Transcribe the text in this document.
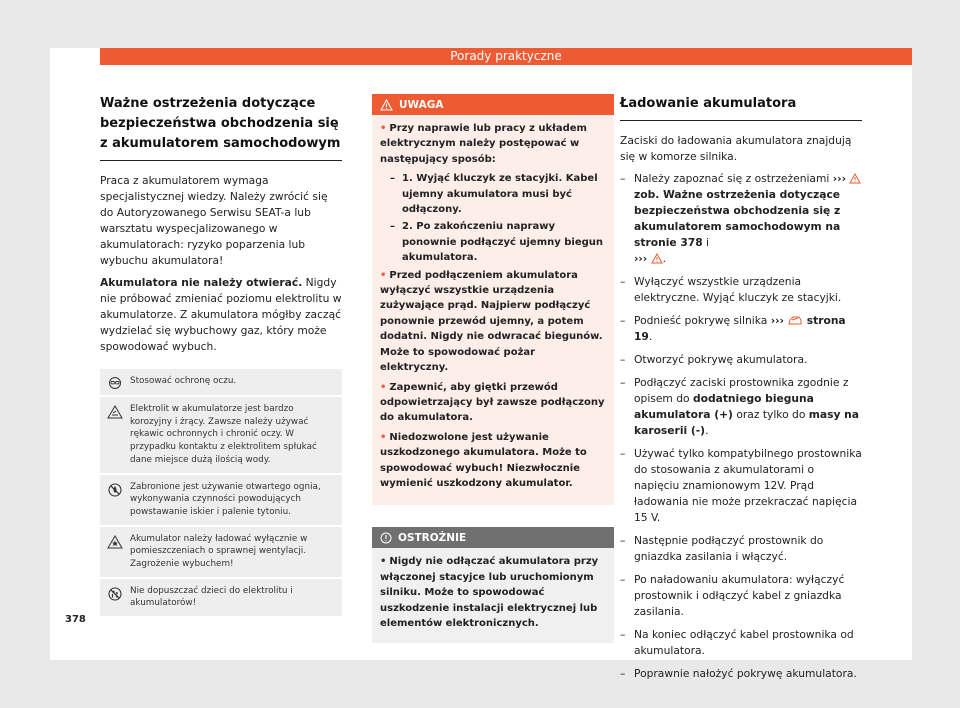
Porady praktyczne
Ważne ostrzeżenia dotyczące bezpieczeństwa obchodzenia się z akumulatorem samochodowym

Praca z akumulatorem wymaga specjalistycznej wiedzy. Należy zwrócić się do Autoryzowanego Serwisu SEAT-a lub warsztatu wyspecjalizowanego w akumulatorach: ryzyko poparzenia lub wybuchu akumulatora!

Akumulatora nie należy otwierać. Nigdy nie próbować zmieniać poziomu elektrolitu w akumulatorze. Z akumulatora mógłby zacząć wydzielać się wybuchowy gaz, który może spowodować wybuch.

Stosować ochronę oczu.
Elektrolit w akumulatorze jest bardzo korozyjny i żrący. Zawsze należy używać rękawic ochronnych i chronić oczy. W przypadku kontaktu z elektrolitem spłukać dane miejsce dużą ilością wody.
Zabronione jest używanie otwartego ognia, wykonywania czynności powodujących powstawanie iskier i palenie tytoniu.
Akumulator należy ładować wyłącznie w pomieszczeniach o sprawnej wentylacji. Zagrożenie wybuchem!
Nie dopuszczać dzieci do elektrolitu i akumulatorów!
UWAGA
• Przy naprawie lub pracy z układem elektrycznym należy postępować w następujący sposób:
– 1. Wyjąć kluczyk ze stacyjki. Kabel ujemny akumulatora musi być odłączony.
– 2. Po zakończeniu naprawy ponownie podłączyć ujemny biegun akumulatora.
• Przed podłączeniem akumulatora wyłączyć wszystkie urządzenia zużywające prąd. Najpierw podłączyć ponownie przewód ujemny, a potem dodatni. Nigdy nie odwracać biegunów. Może to spowodować pożar elektryczny.
• Zapewnić, aby giętki przewód odpowietrzający był zawsze podłączony do akumulatora.
• Niedozwolone jest używanie uszkodzonego akumulatora. Może to spowodować wybuch! Niezwłocznie wymienić uszkodzony akumulator.
OSTROŻNIE
• Nigdy nie odłączać akumulatora przy włączonej stacyjce lub uruchomionym silniku. Może to spowodować uszkodzenie instalacji elektrycznej lub elementów elektronicznych.
Ładowanie akumulatora

Zaciski do ładowania akumulatora znajdują się w komorze silnika.

– Należy zapoznać się z ostrzeżeniami ›››
zob. Ważne ostrzeżenia dotyczące bezpieczeństwa obchodzenia się z akumulatorem samochodowym na stronie 378 i
››› .
– Wyłączyć wszystkie urządzenia elektryczne. Wyjąć kluczyk ze stacyjki.
– Podnieść pokrywę silnika ››› strona 19.
– Otworzyć pokrywę akumulatora.
– Podłączyć zaciski prostownika zgodnie z opisem do dodatniego bieguna akumulatora (+) oraz tylko do masy na karoserii (-).
– Używać tylko kompatybilnego prostownika do stosowania z akumulatorami o napięciu znamionowym 12V. Prąd ładowania nie może przekraczać napięcia 15 V.
– Następnie podłączyć prostownik do gniazdka zasilania i włączyć.
– Po naładowaniu akumulatora: wyłączyć prostownik i odłączyć kabel z gniazdka zasilania.
– Na koniec odłączyć kabel prostownika od akumulatora.
– Poprawnie nałożyć pokrywę akumulatora.
378
